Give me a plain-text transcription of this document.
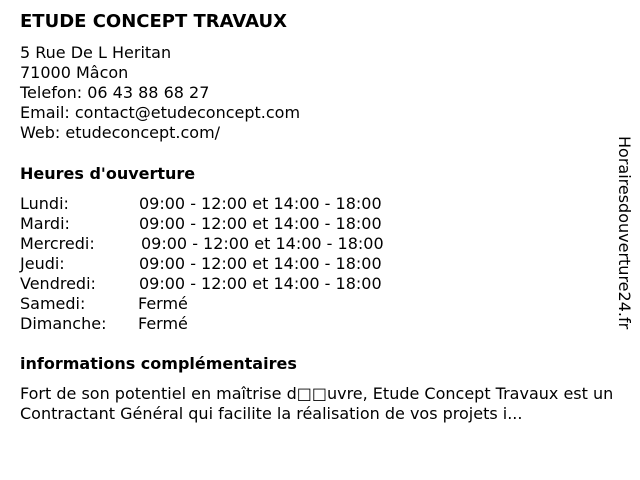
ETUDE CONCEPT TRAVAUX
5 Rue De L Heritan
71000 Mâcon
Telefon: 06 43 88 68 27
Email: contact@etudeconcept.com
Web: etudeconcept.com/
Heures d'ouverture
Lundi:	09:00 - 12:00 et 14:00 - 18:00
Mardi:	09:00 - 12:00 et 14:00 - 18:00
Mercredi:	09:00 - 12:00 et 14:00 - 18:00
Jeudi:	09:00 - 12:00 et 14:00 - 18:00
Vendredi:	09:00 - 12:00 et 14:00 - 18:00
Samedi:	Fermé
Dimanche: Fermé
informations complémentaires
Fort de son potentiel en maîtrise d□□uvre, Etude Concept Travaux est un Contractant Général qui facilite la réalisation de vos projets i...
Horairesdouverture24.fr
